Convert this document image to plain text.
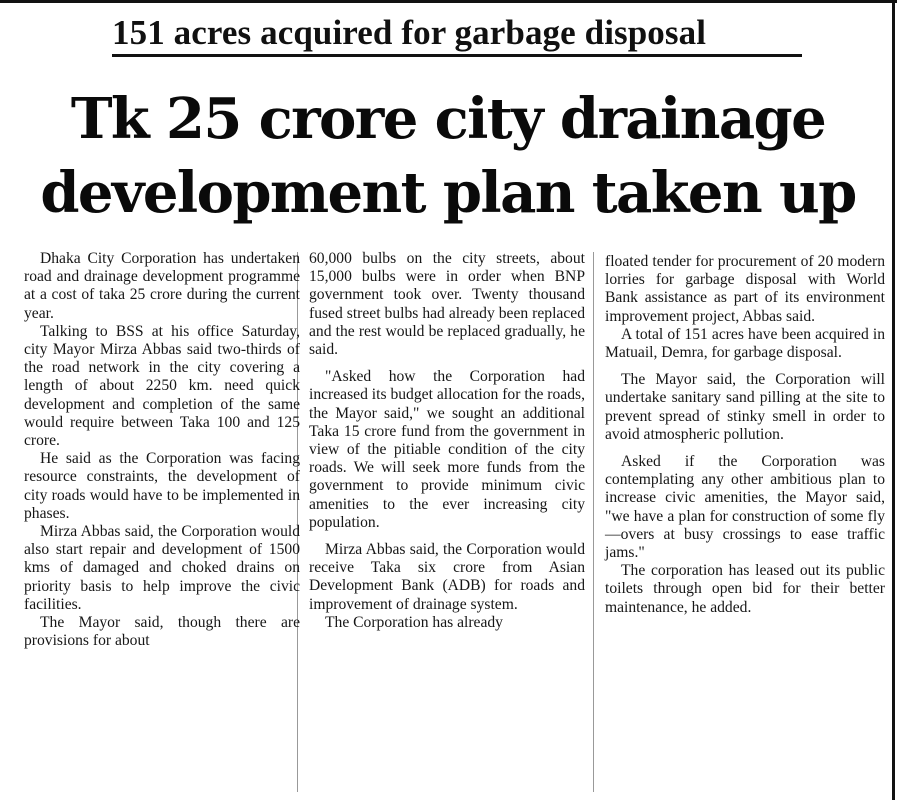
151 acres acquired for garbage disposal
Tk 25 crore city drainage
development plan taken up

Dhaka City Corporation has undertaken road and drainage development programme at a cost of taka 25 crore during the current year.

Talking to BSS at his office Saturday, city Mayor Mirza Abbas said two-thirds of the road network in the city covering a length of about 2250 km. need quick development and completion of the same would require between Taka 100 and 125 crore.

He said as the Corporation was facing resource constraints, the development of city roads would have to be implemented in phases.

Mirza Abbas said, the Corporation would also start repair and development of 1500 kms of damaged and choked drains on priority basis to help improve the civic facilities.

The Mayor said, though there are provisions for about

60,000 bulbs on the city streets, about 15,000 bulbs were in order when BNP government took over. Twenty thousand fused street bulbs had already been replaced and the rest would be replaced gradually, he said.

"Asked how the Corporation had increased its budget allocation for the roads, the Mayor said," we sought an additional Taka 15 crore fund from the government in view of the pitiable condition of the city roads. We will seek more funds from the government to provide minimum civic amenities to the ever increasing city population.

Mirza Abbas said, the Corporation would receive Taka six crore from Asian Development Bank (ADB) for roads and improvement of drainage system.

The Corporation has already

floated tender for procurement of 20 modern lorries for garbage disposal with World Bank assistance as part of its environment improvement project, Abbas said.

A total of 151 acres have been acquired in Matuail, Demra, for garbage disposal.

The Mayor said, the Corporation will undertake sanitary sand pilling at the site to prevent spread of stinky smell in order to avoid atmospheric pollution.

Asked if the Corporation was contemplating any other ambitious plan to increase civic amenities, the Mayor said, "we have a plan for construction of some fly—overs at busy crossings to ease traffic jams."

The corporation has leased out its public toilets through open bid for their better maintenance, he added.
